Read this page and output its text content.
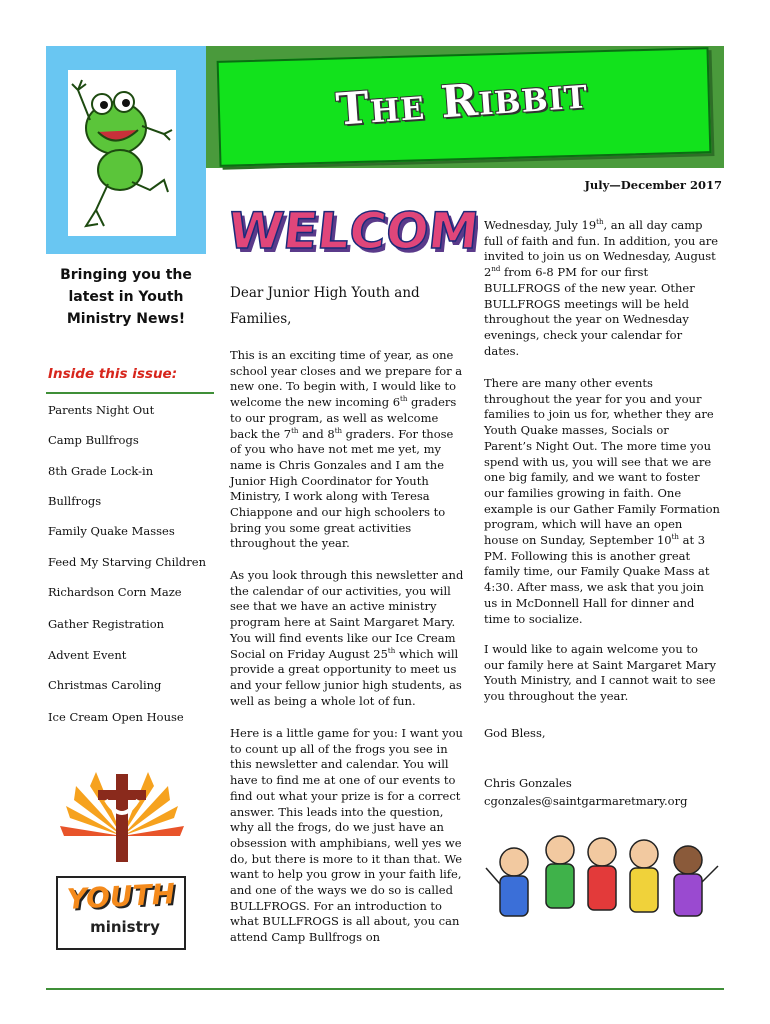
The Ribbit
July—December 2017
Bringing you the
latest in Youth
Ministry News!
Inside this issue:
Parents Night Out
Camp Bullfrogs
8th Grade Lock-in
Bullfrogs
Family Quake Masses
Feed My Starving Children
Richardson Corn Maze
Gather Registration
Advent Event
Christmas Caroling
Ice Cream Open House
YOUTH
ministry
WELCOME
WELCOME
Dear Junior High Youth and
Families,
This is an exciting time of year, as one school year closes and we prepare for a new one. To begin with, I would like to welcome the new incoming 6th graders to our program, as well as welcome back the 7th and 8th graders. For those of you who have not met me yet, my name is Chris Gonzales and I am the Junior High Coordinator for Youth Ministry, I work along with Teresa Chiappone and our high schoolers to bring you some great activities throughout the year.
As you look through this newsletter and the calendar of our activities, you will see that we have an active ministry program here at Saint Margaret Mary. You will find events like our Ice Cream Social on Friday August 25th which will provide a great opportunity to meet us and your fellow junior high students, as well as being a whole lot of fun.
Here is a little game for you: I want you to count up all of the frogs you see in this newsletter and calendar. You will have to find me at one of our events to find out what your prize is for a correct answer. This leads into the question, why all the frogs, do we just have an obsession with amphibians, well yes we do, but there is more to it than that. We want to help you grow in your faith life, and one of the ways we do so is called BULLFROGS. For an introduction to what BULLFROGS is all about, you can attend Camp Bullfrogs on
Wednesday, July 19th, an all day camp full of faith and fun. In addition, you are invited to join us on Wednesday, August 2nd from 6-8 PM for our first BULLFROGS of the new year. Other BULLFROGS meetings will be held throughout the year on Wednesday evenings, check your calendar for dates.
There are many other events throughout the year for you and your families to join us for, whether they are Youth Quake masses, Socials or Parent’s Night Out. The more time you spend with us, you will see that we are one big family, and we want to foster our families growing in faith. One example is our Gather Family Formation program, which will have an open house on Sunday, September 10th at 3 PM. Following this is another great family time, our Family Quake Mass at 4:30. After mass, we ask that you join us in McDonnell Hall for dinner and time to socialize.
I would like to again welcome you to our family here at Saint Margaret Mary Youth Ministry, and I cannot wait to see you throughout the year.
God Bless,
Chris Gonzales
cgonzales@saintgarmaretmary.org
